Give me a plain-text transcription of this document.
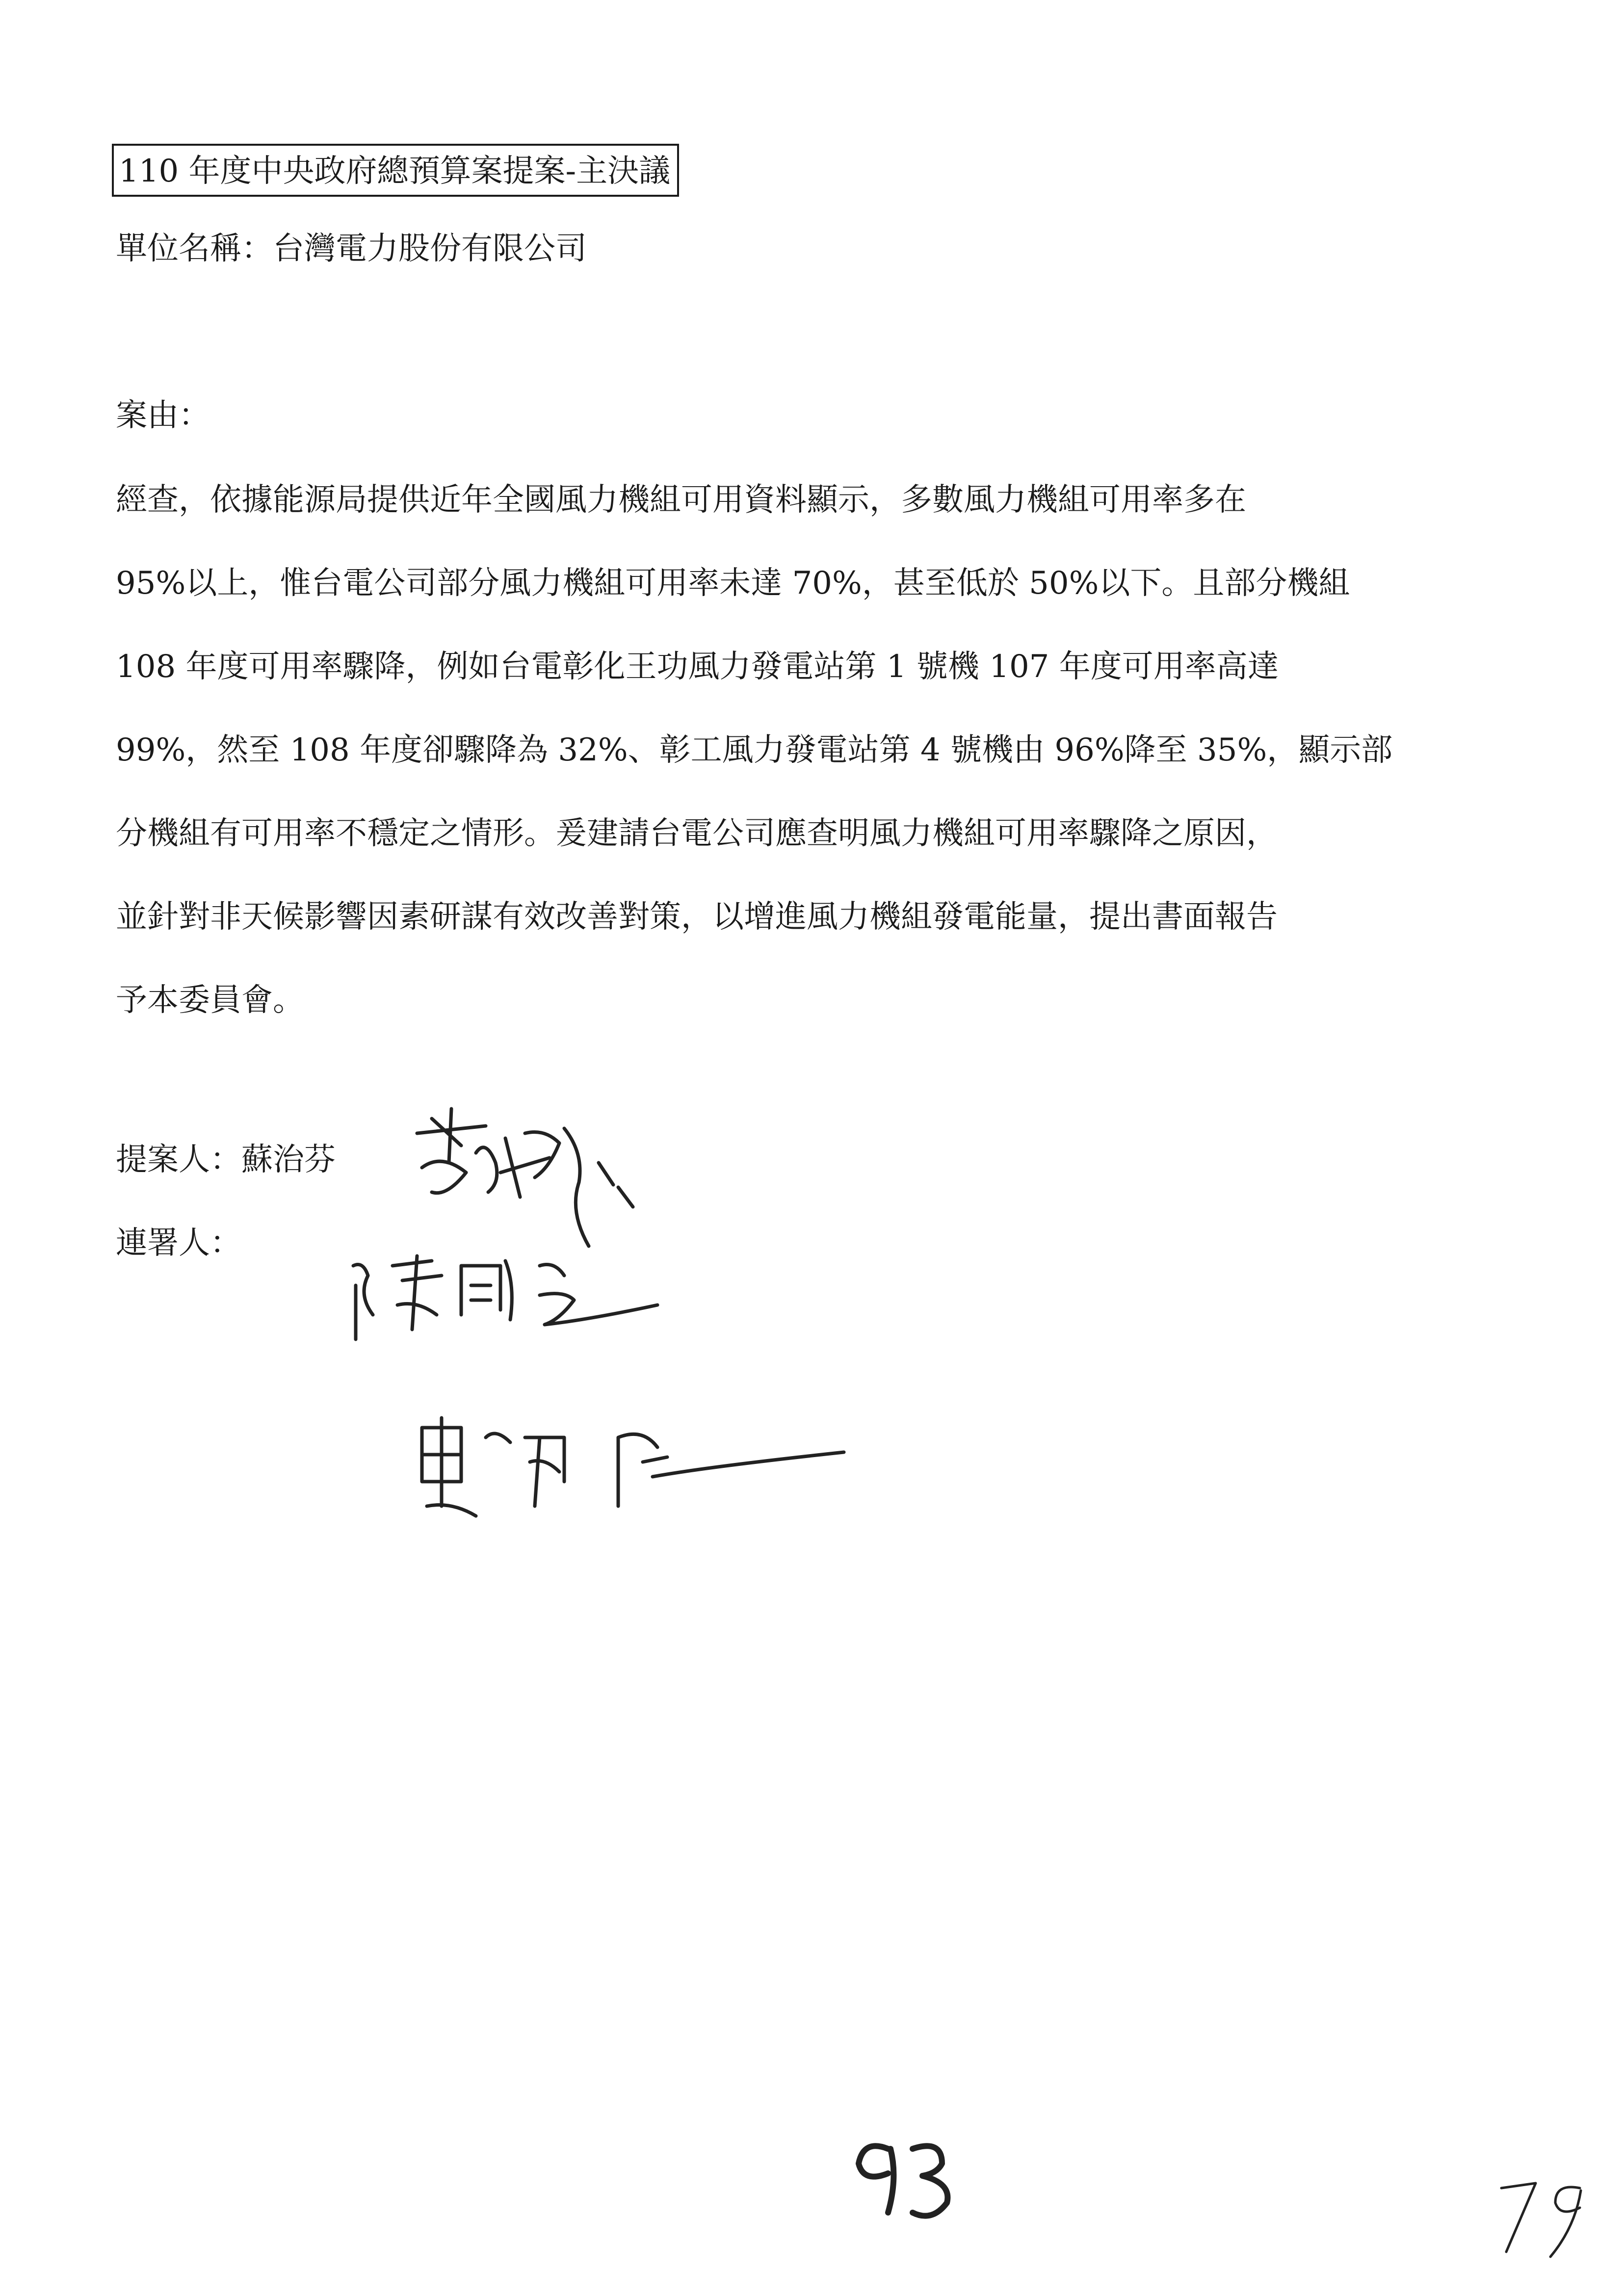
110 年度中央政府總預算案提案-主決議
單位名稱：台灣電力股份有限公司
案由：
經查，依據能源局提供近年全國風力機組可用資料顯示，多數風力機組可用率多在
95%以上，惟台電公司部分風力機組可用率未達 70%，甚至低於 50%以下。且部分機組
108 年度可用率驟降，例如台電彰化王功風力發電站第 1 號機 107 年度可用率高達
99%，然至 108 年度卻驟降為 32%、彰工風力發電站第 4 號機由 96%降至 35%，顯示部
分機組有可用率不穩定之情形。爰建請台電公司應查明風力機組可用率驟降之原因，
並針對非天候影響因素研謀有效改善對策，以增進風力機組發電能量，提出書面報告
予本委員會。
提案人：蘇治芬
連署人：
